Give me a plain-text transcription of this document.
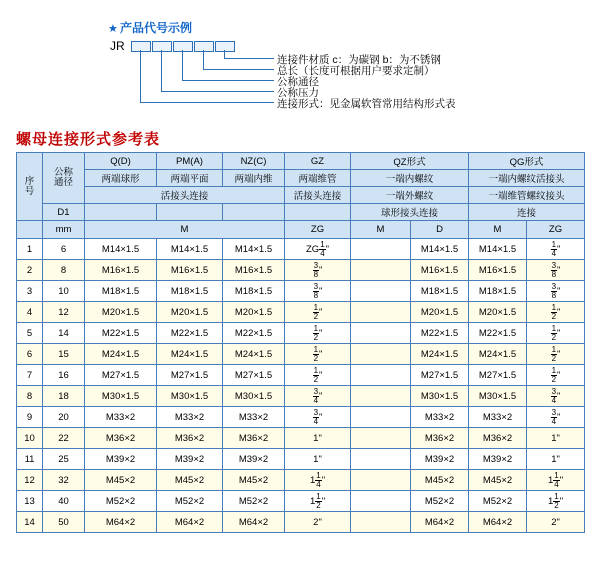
★ 产品代号示例
JR
连接件材质 c：为碳钢 b：为不锈钢
总长（长度可根据用户要求定制）
公称通径
公称压力
连接形式：见金属软管常用结构形式表
螺母连接形式参考表
序
号	公称
通径	Q(D)	PM(A)	NZ(C)	GZ	QZ形式		QG形式	
		两端球形	两端平面	两端内维	两端维管	一端内螺纹		一端内螺纹活接头	
		活接头连接			活接头连接	一端外螺纹		一端维管螺纹接头	
	D1					球形接头连接		连接	
	mm	M			ZG	M	D	M	ZG
1	6	M14×1.5	M14×1.5	M14×1.5	ZG $\frac{1}{4}$ "		M14×1.5	M14×1.5	$\frac{1}{4}$ "
2	8	M16×1.5	M16×1.5	M16×1.5	$\frac{3}{8}$ "		M16×1.5	M16×1.5	$\frac{3}{8}$ "
3	10	M18×1.5	M18×1.5	M18×1.5	$\frac{3}{8}$ "		M18×1.5	M18×1.5	$\frac{3}{8}$ "
4	12	M20×1.5	M20×1.5	M20×1.5	$\frac{1}{2}$ "		M20×1.5	M20×1.5	$\frac{1}{2}$ "
5	14	M22×1.5	M22×1.5	M22×1.5	$\frac{1}{2}$ "		M22×1.5	M22×1.5	$\frac{1}{2}$ "
6	15	M24×1.5	M24×1.5	M24×1.5	$\frac{1}{2}$ "		M24×1.5	M24×1.5	$\frac{1}{2}$ "
7	16	M27×1.5	M27×1.5	M27×1.5	$\frac{1}{2}$ "		M27×1.5	M27×1.5	$\frac{1}{2}$ "
8	18	M30×1.5	M30×1.5	M30×1.5	$\frac{3}{4}$ "		M30×1.5	M30×1.5	$\frac{3}{4}$ "
9	20	M33×2	M33×2	M33×2	$\frac{3}{4}$ "		M33×2	M33×2	$\frac{3}{4}$ "
10	22	M36×2	M36×2	M36×2	1"		M36×2	M36×2	1"
11	25	M39×2	M39×2	M39×2	1"		M39×2	M39×2	1"
12	32	M45×2	M45×2	M45×2	$1 \frac{1}{4}$ "		M45×2	M45×2	$1 \frac{1}{4}$ "
13	40	M52×2	M52×2	M52×2	$1 \frac{1}{2}$ "		M52×2	M52×2	$1 \frac{1}{2}$ "
14	50	M64×2	M64×2	M64×2	2"		M64×2	M64×2	2"
